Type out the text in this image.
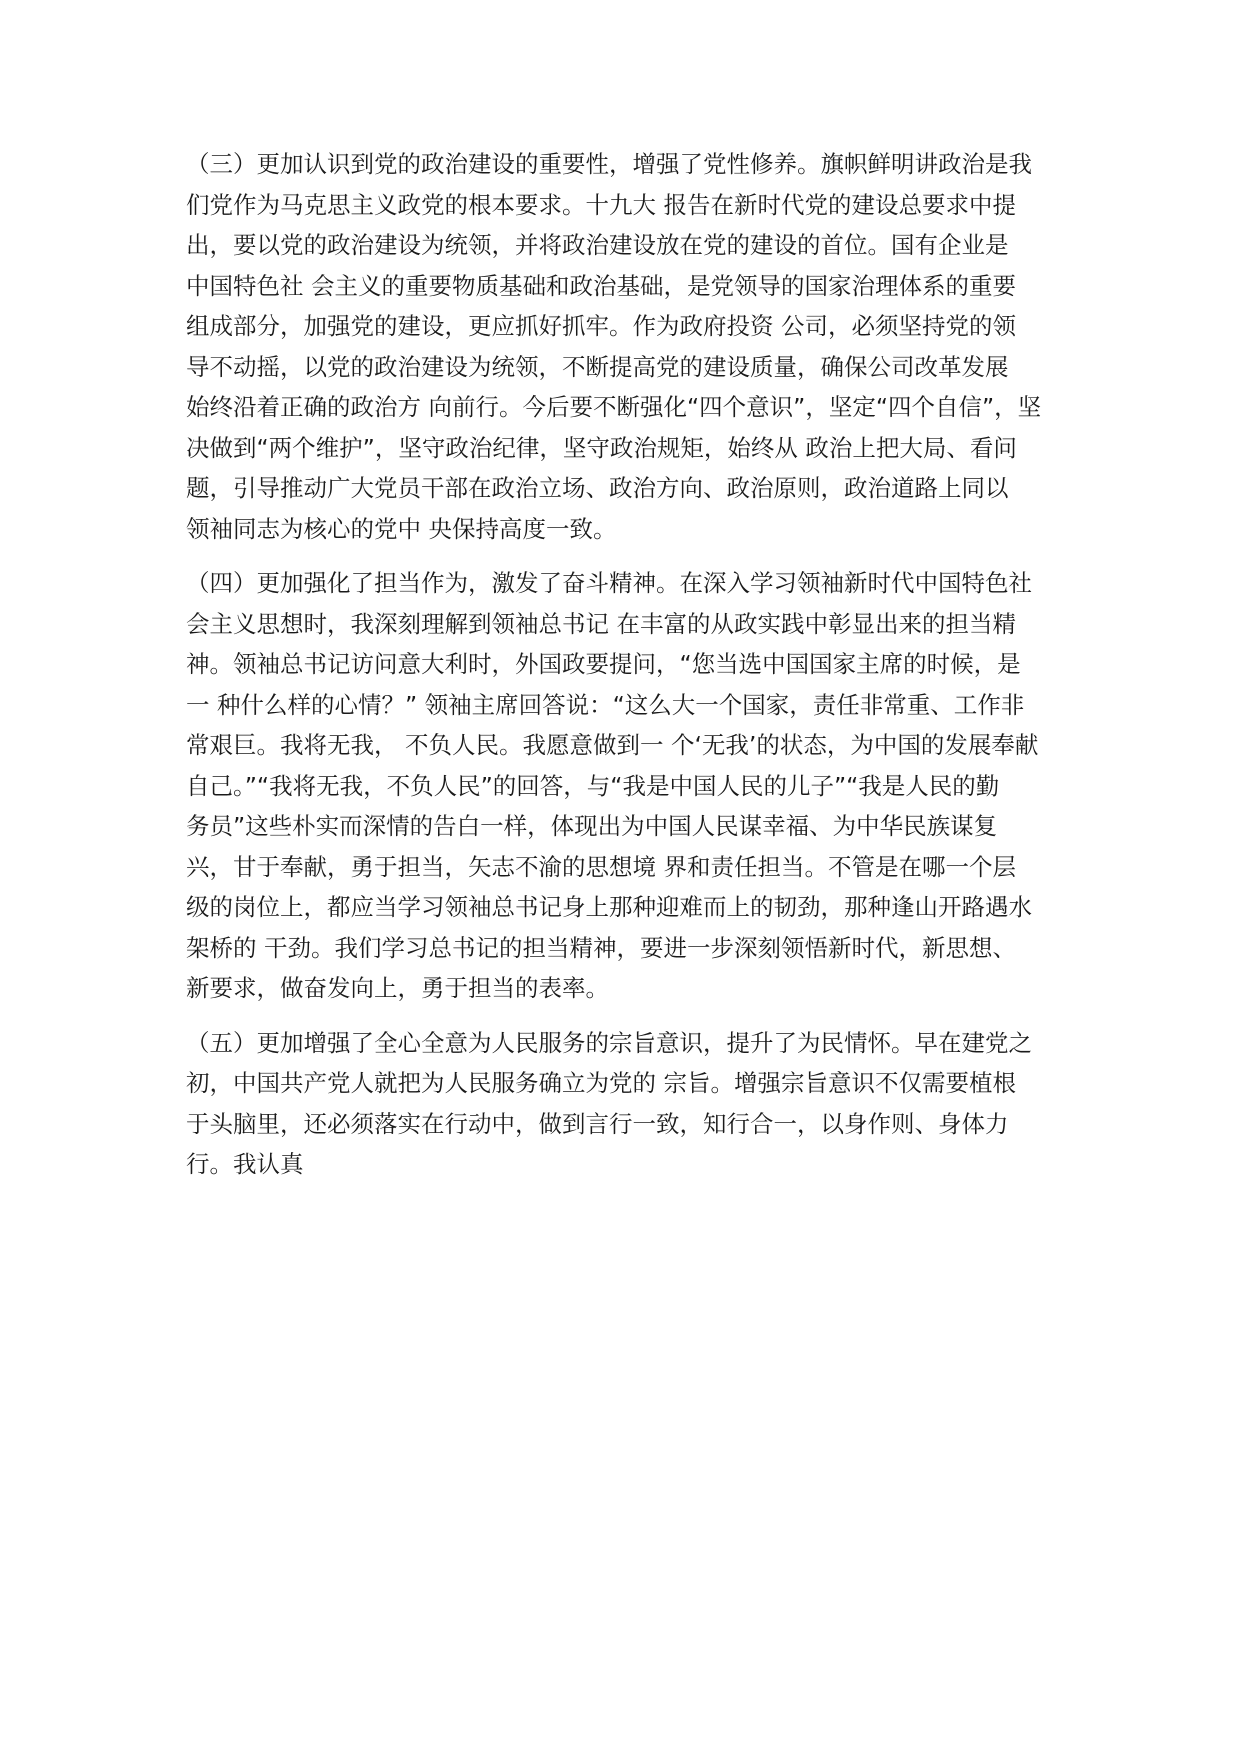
（三）更加认识到党的政治建设的重要性，增强了党性修养。旗帜鲜明讲政治是我
们党作为马克思主义政党的根本要求。十九大 报告在新时代党的建设总要求中提
出，要以党的政治建设为统领，并将政治建设放在党的建设的首位。国有企业是
中国特色社 会主义的重要物质基础和政治基础，是党领导的国家治理体系的重要
组成部分，加强党的建设，更应抓好抓牢。作为政府投资 公司，必须坚持党的领
导不动摇，以党的政治建设为统领，不断提高党的建设质量，确保公司改革发展
始终沿着正确的政治方 向前行。今后要不断强化“四个意识”，坚定“四个自信”，坚
决做到“两个维护”，坚守政治纪律，坚守政治规矩，始终从 政治上把大局、看问
题，引导推动广大党员干部在政治立场、政治方向、政治原则，政治道路上同以
领袖同志为核心的党中 央保持高度一致。

（四）更加强化了担当作为，激发了奋斗精神。在深入学习领袖新时代中国特色社
会主义思想时，我深刻理解到领袖总书记 在丰富的从政实践中彰显出来的担当精
神。领袖总书记访问意大利时，外国政要提问，“您当选中国国家主席的时候，是
一 种什么样的心情？” 领袖主席回答说：“这么大一个国家，责任非常重、工作非
常艰巨。我将无我， 不负人民。我愿意做到一 个‘无我’的状态，为中国的发展奉献
自己。”“我将无我，不负人民”的回答，与“我是中国人民的儿子”“我是人民的勤
务员”这些朴实而深情的告白一样，体现出为中国人民谋幸福、为中华民族谋复
兴，甘于奉献，勇于担当，矢志不渝的思想境 界和责任担当。不管是在哪一个层
级的岗位上，都应当学习领袖总书记身上那种迎难而上的韧劲，那种逢山开路遇水
架桥的 干劲。我们学习总书记的担当精神，要进一步深刻领悟新时代，新思想、
新要求，做奋发向上，勇于担当的表率。

（五）更加增强了全心全意为人民服务的宗旨意识，提升了为民情怀。早在建党之
初，中国共产党人就把为人民服务确立为党的 宗旨。增强宗旨意识不仅需要植根
于头脑里，还必须落实在行动中，做到言行一致，知行合一，以身作则、身体力
行。我认真
